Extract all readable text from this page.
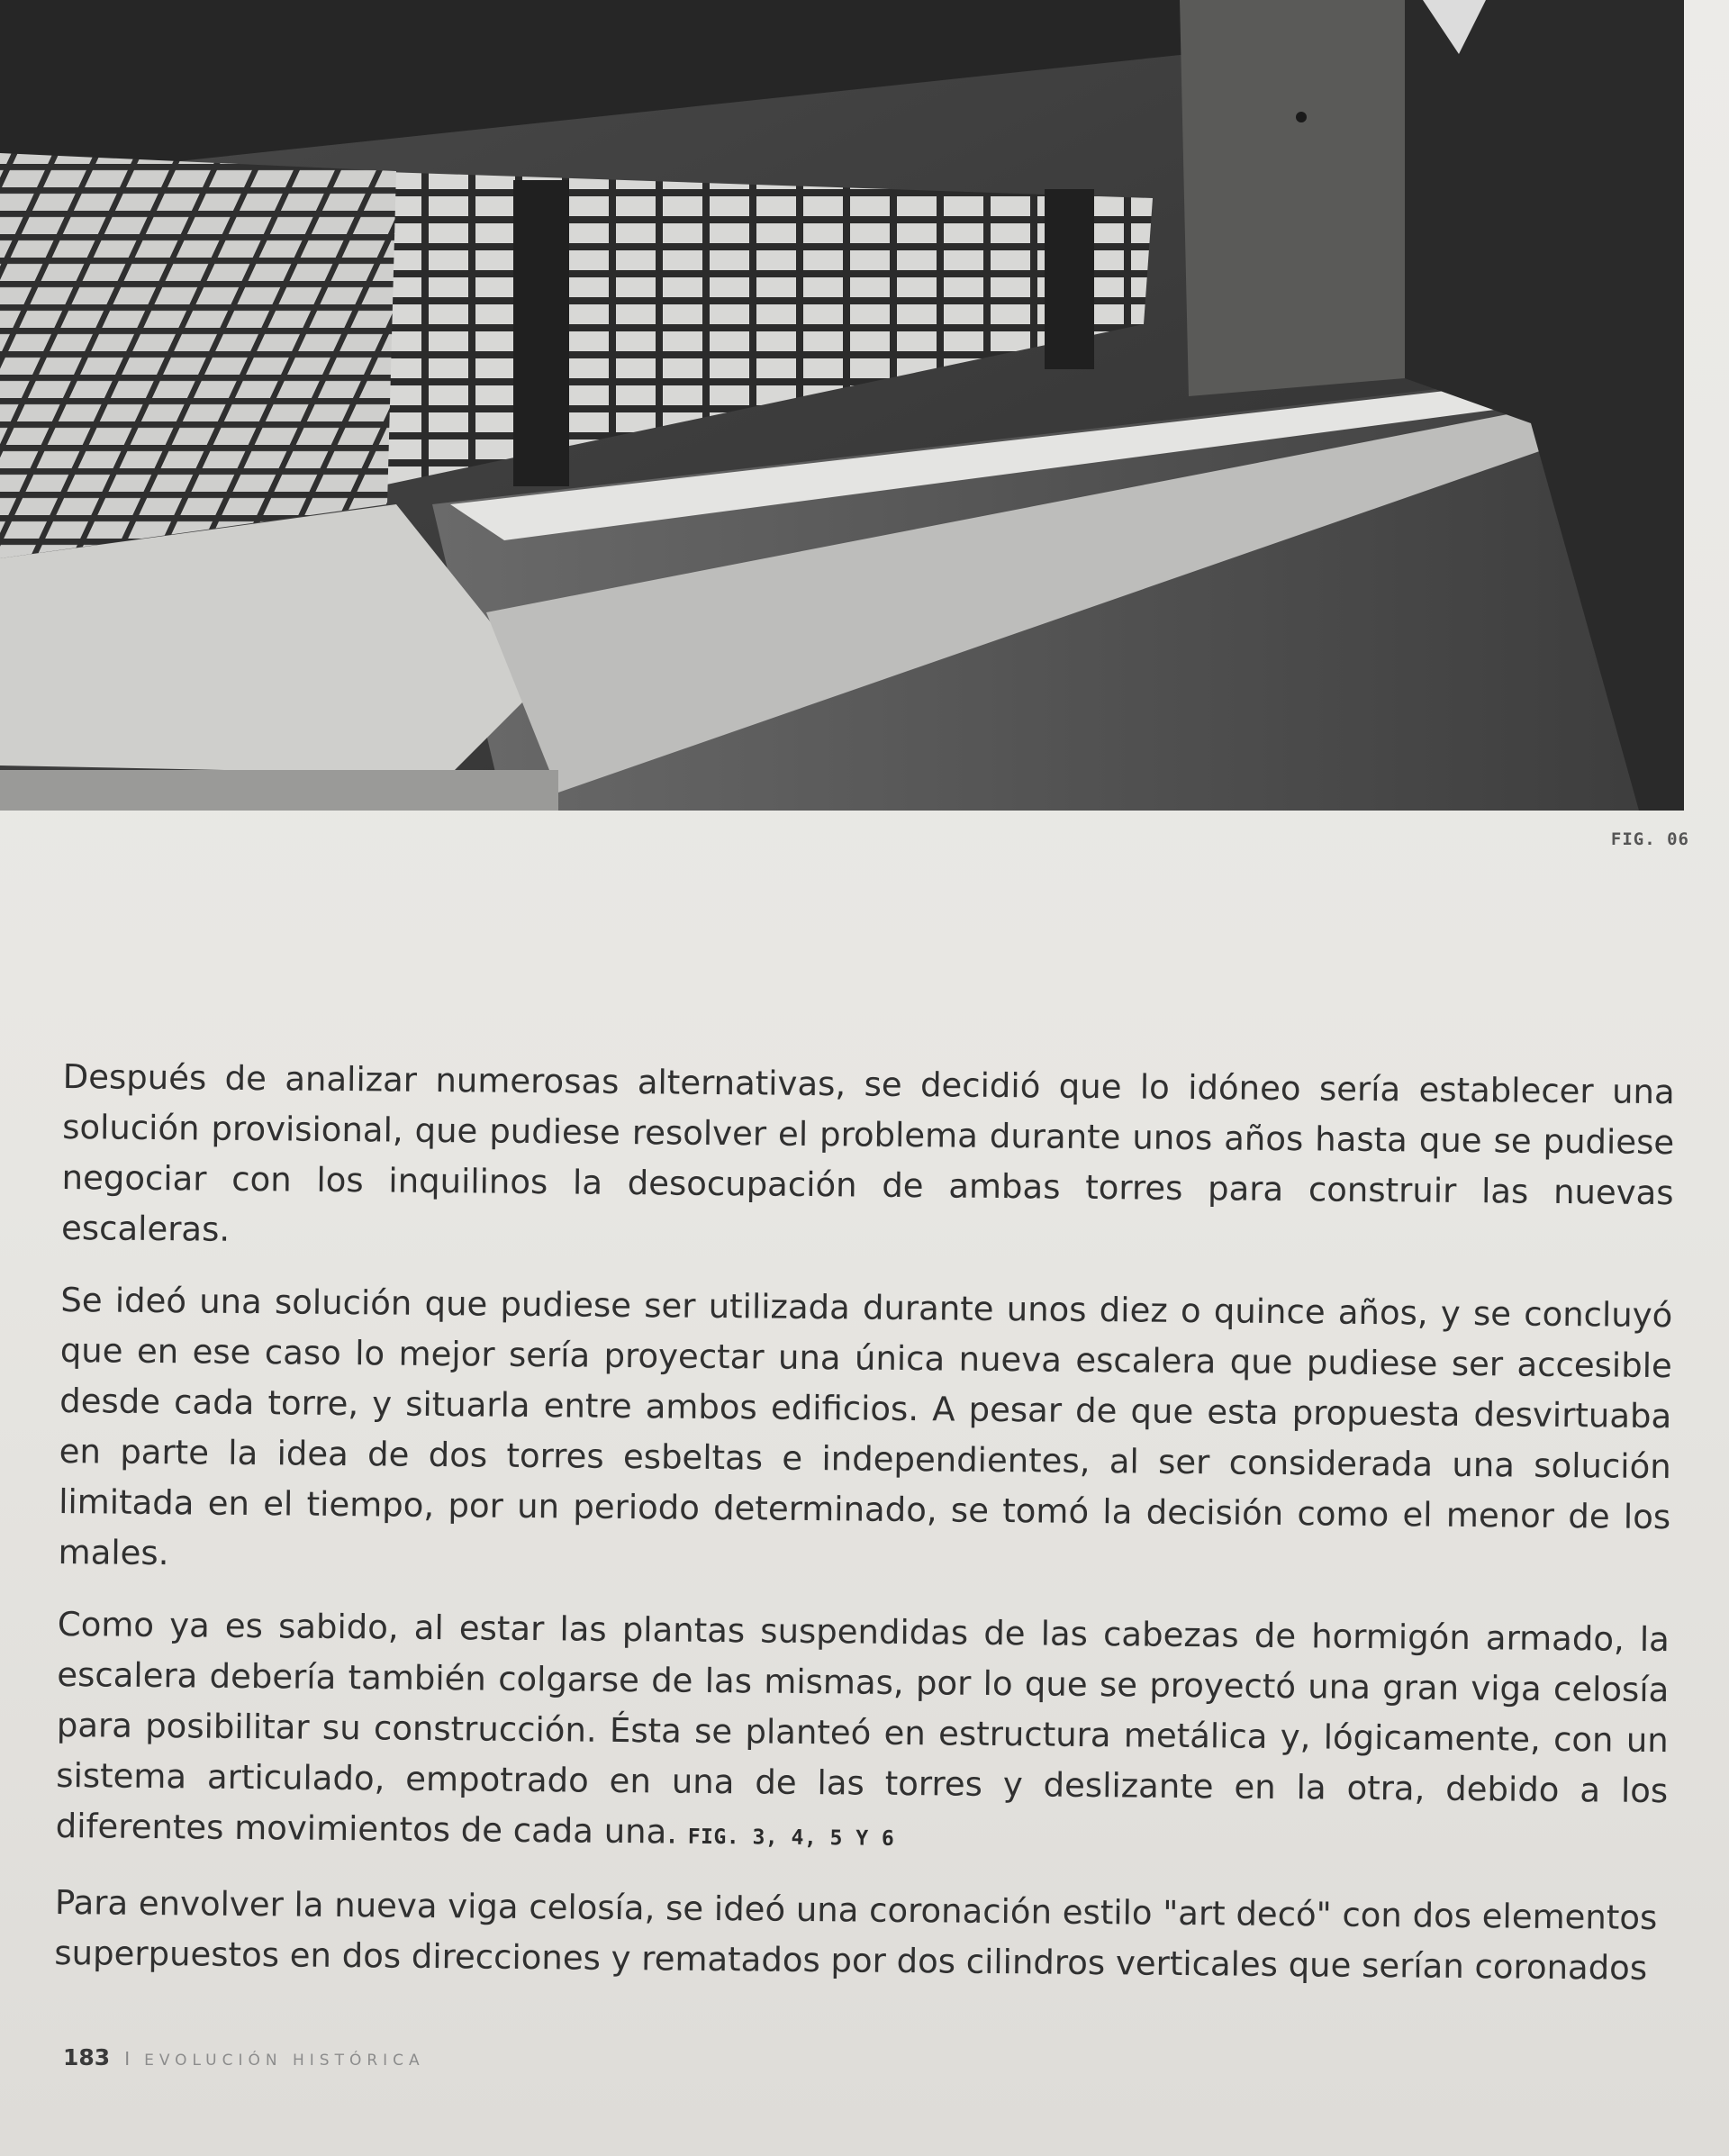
FIG. 06

Después de analizar numerosas alternativas, se decidió que lo idóneo sería establecer una solución provisional, que pudiese resolver el problema durante unos años hasta que se pudiese negociar con los inquilinos la desocupación de ambas torres para construir las nuevas escaleras.

Se ideó una solución que pudiese ser utilizada durante unos diez o quince años, y se concluyó que en ese caso lo mejor sería proyectar una única nueva escalera que pudiese ser accesible desde cada torre, y situarla entre ambos edificios. A pesar de que esta propuesta desvirtuaba en parte la idea de dos torres esbeltas e independientes, al ser considerada una solución limitada en el tiempo, por un periodo determinado, se tomó la decisión como el menor de los males.

Como ya es sabido, al estar las plantas suspendidas de las cabezas de hormigón armado, la escalera debería también colgarse de las mismas, por lo que se proyectó una gran viga celosía para posibilitar su construcción. Ésta se planteó en estructura metálica y, lógicamente, con un sistema articulado, empotrado en una de las torres y deslizante en la otra, debido a los diferentes movimientos de cada una. FIG. 3, 4, 5 Y 6

Para envolver la nueva viga celosía, se ideó una coronación estilo "art decó" con dos elementos superpuestos en dos direcciones y rematados por dos cilindros verticales que serían coronados

183 I EVOLUCIÓN HISTÓRICA
